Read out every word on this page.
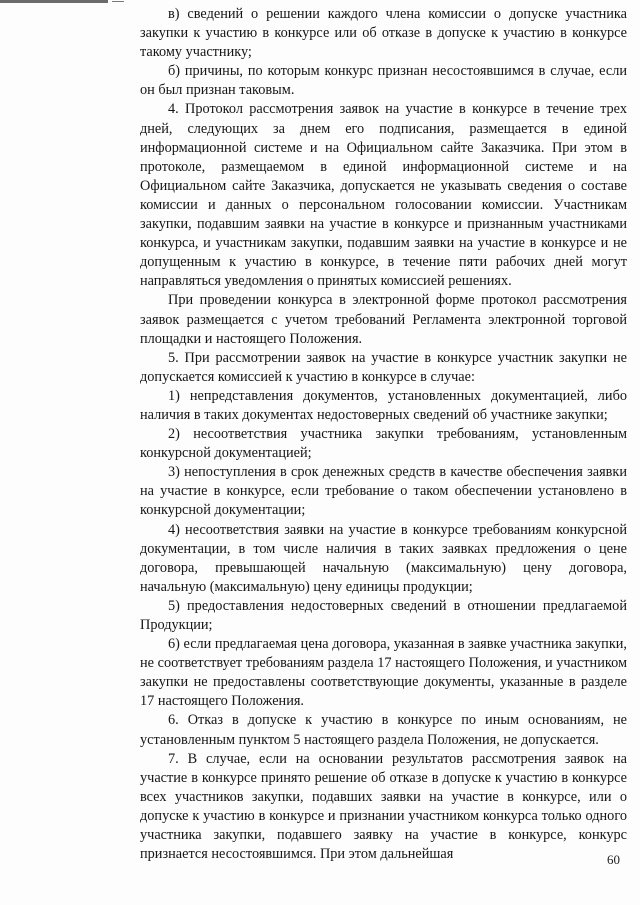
в) сведений о решении каждого члена комиссии о допуске участника закупки к участию в конкурсе или об отказе в допуске к участию в конкурсе такому участнику;

б) причины, по которым конкурс признан несостоявшимся в случае, если он был признан таковым.

4. Протокол рассмотрения заявок на участие в конкурсе в течение трех дней, следующих за днем его подписания, размещается в единой информационной системе и на Официальном сайте Заказчика. При этом в протоколе, размещаемом в единой информационной системе и на Официальном сайте Заказчика, допускается не указывать сведения о составе комиссии и данных о персональном голосовании комиссии. Участникам закупки, подавшим заявки на участие в конкурсе и признанным участниками конкурса, и участникам закупки, подавшим заявки на участие в конкурсе и не допущенным к участию в конкурсе, в течение пяти рабочих дней могут направляться уведомления о принятых комиссией решениях.

При проведении конкурса в электронной форме протокол рассмотрения заявок размещается с учетом требований Регламента электронной торговой площадки и настоящего Положения.

5. При рассмотрении заявок на участие в конкурсе участник закупки не допускается комиссией к участию в конкурсе в случае:

1) непредставления документов, установленных документацией, либо наличия в таких документах недостоверных сведений об участнике закупки;

2) несоответствия участника закупки требованиям, установленным конкурсной документацией;

3) непоступления в срок денежных средств в качестве обеспечения заявки на участие в конкурсе, если требование о таком обеспечении установлено в конкурсной документации;

4) несоответствия заявки на участие в конкурсе требованиям конкурсной документации, в том числе наличия в таких заявках предложения о цене договора, превышающей начальную (максимальную) цену договора, начальную (максимальную) цену единицы продукции;

5) предоставления недостоверных сведений в отношении предлагаемой Продукции;

6) если предлагаемая цена договора, указанная в заявке участника закупки, не соответствует требованиям раздела 17 настоящего Положения, и участником закупки не предоставлены соответствующие документы, указанные в разделе 17 настоящего Положения.

6. Отказ в допуске к участию в конкурсе по иным основаниям, не установленным пунктом 5 настоящего раздела Положения, не допускается.

7. В случае, если на основании результатов рассмотрения заявок на участие в конкурсе принято решение об отказе в допуске к участию в конкурсе всех участников закупки, подавших заявки на участие в конкурсе, или о допуске к участию в конкурсе и признании участником конкурса только одного участника закупки, подавшего заявку на участие в конкурсе, конкурс признается несостоявшимся. При этом дальнейшая	60
